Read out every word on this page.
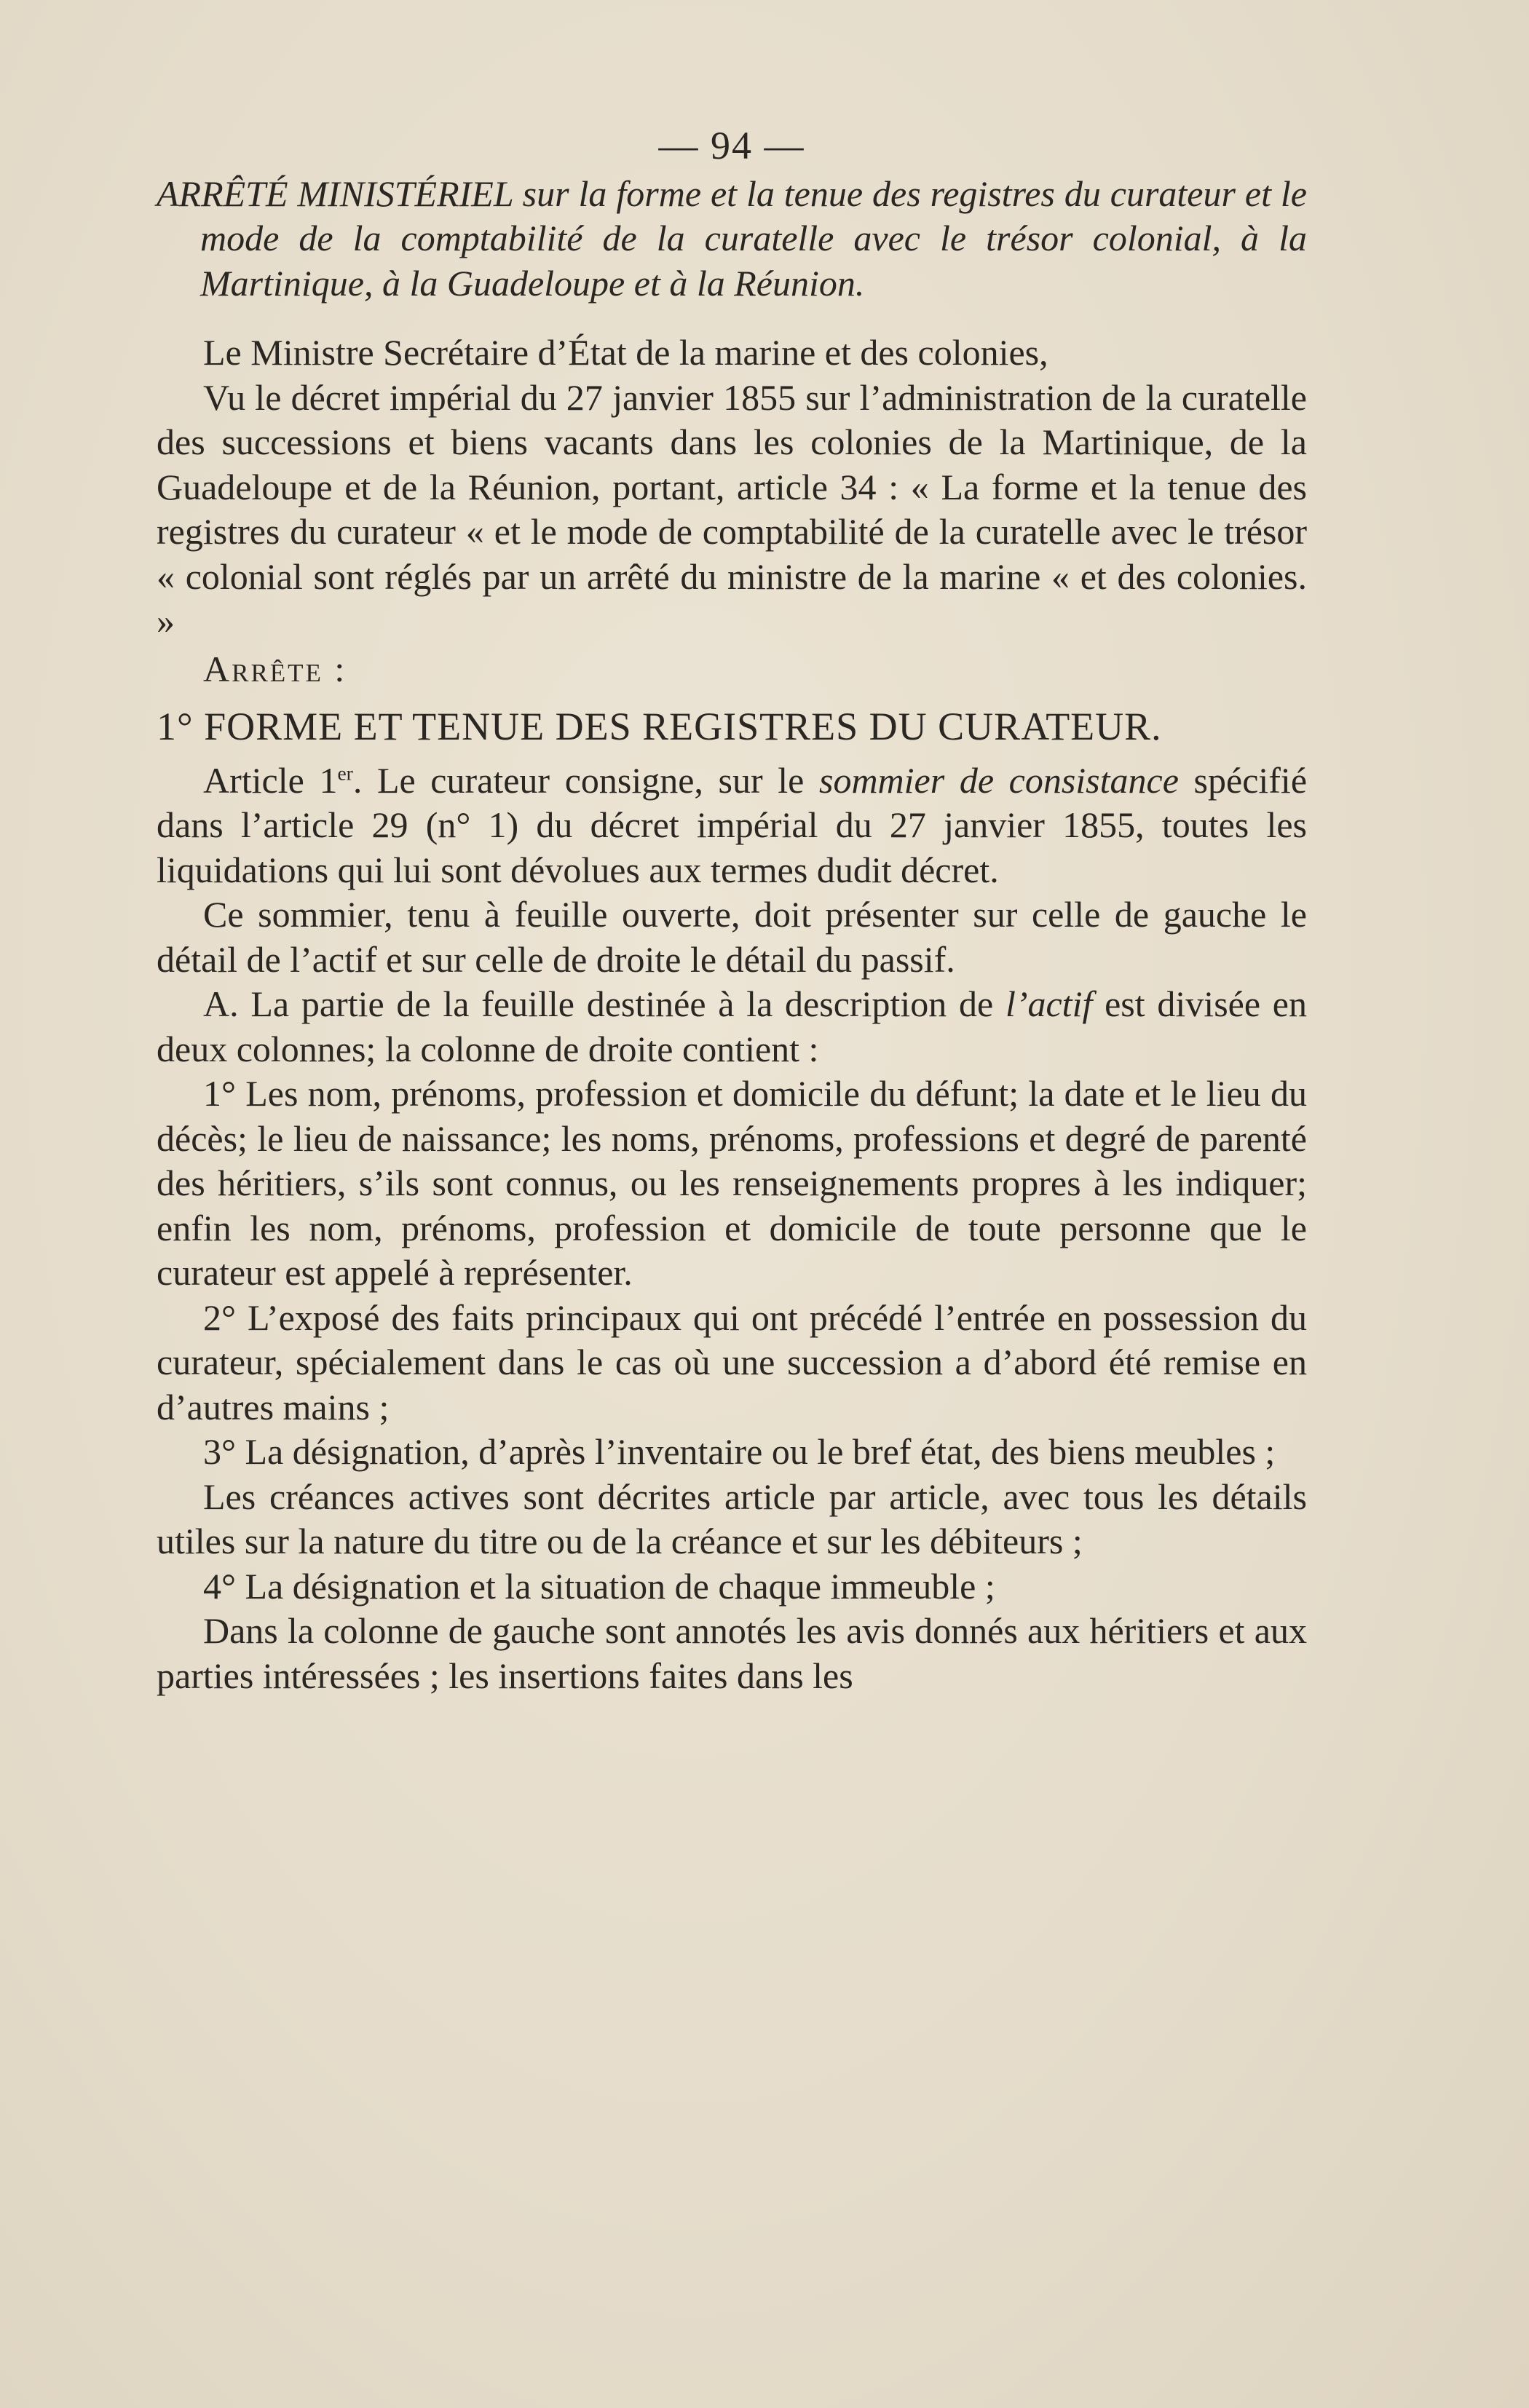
— 94 —
ARRÊTÉ MINISTÉRIEL sur la forme et la tenue des registres du curateur et le mode de la comptabilité de la curatelle avec le trésor colonial, à la Martinique, à la Guadeloupe et à la Réunion.

Le Ministre Secrétaire d’État de la marine et des colonies,

Vu le décret impérial du 27 janvier 1855 sur l’administration de la curatelle des successions et biens vacants dans les colonies de la Martinique, de la Guadeloupe et de la Réunion, portant, article 34 : « La forme et la tenue des registres du curateur « et le mode de comptabilité de la curatelle avec le trésor « colonial sont réglés par un arrêté du ministre de la marine « et des colonies. »

Arrête :
1° FORME ET TENUE DES REGISTRES DU CURATEUR.

Article 1er. Le curateur consigne, sur le sommier de consistance spécifié dans l’article 29 (n° 1) du décret impérial du 27 janvier 1855, toutes les liquidations qui lui sont dévolues aux termes dudit décret.

Ce sommier, tenu à feuille ouverte, doit présenter sur celle de gauche le détail de l’actif et sur celle de droite le détail du passif.

A. La partie de la feuille destinée à la description de l’actif est divisée en deux colonnes; la colonne de droite contient :

1° Les nom, prénoms, profession et domicile du défunt; la date et le lieu du décès; le lieu de naissance; les noms, prénoms, professions et degré de parenté des héritiers, s’ils sont connus, ou les renseignements propres à les indiquer; enfin les nom, prénoms, profession et domicile de toute personne que le curateur est appelé à représenter.

2° L’exposé des faits principaux qui ont précédé l’entrée en possession du curateur, spécialement dans le cas où une succession a d’abord été remise en d’autres mains ;

3° La désignation, d’après l’inventaire ou le bref état, des biens meubles ;

Les créances actives sont décrites article par article, avec tous les détails utiles sur la nature du titre ou de la créance et sur les débiteurs ;

4° La désignation et la situation de chaque immeuble ;

Dans la colonne de gauche sont annotés les avis donnés aux héritiers et aux parties intéressées ; les insertions faites dans les
